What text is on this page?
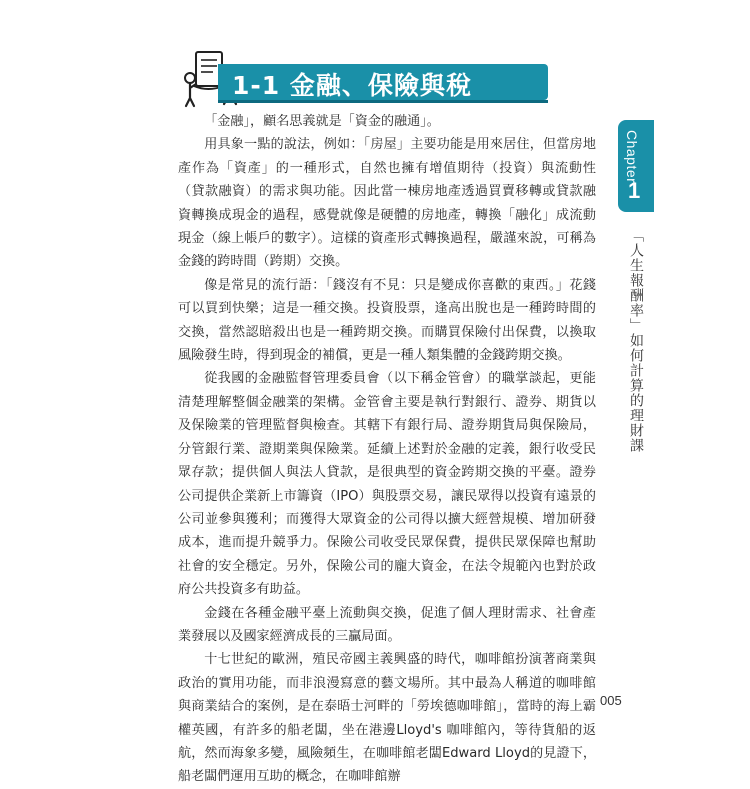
1-1 金融、保險與稅
Chapter
1
「人生報酬率」如何計算的理財課

「金融」，顧名思義就是「資金的融通」。

用具象一點的說法，例如：「房屋」主要功能是用來居住，但當房地產作為「資產」的一種形式，自然也擁有增值期待（投資）與流動性（貸款融資）的需求與功能。因此當一棟房地產透過買賣移轉或貸款融資轉換成現金的過程，感覺就像是硬體的房地產，轉換「融化」成流動現金（線上帳戶的數字）。這樣的資產形式轉換過程，嚴謹來說，可稱為金錢的跨時間（跨期）交換。

像是常見的流行語：「錢沒有不見：只是變成你喜歡的東西。」花錢可以買到快樂；這是一種交換。投資股票，逢高出脫也是一種跨時間的交換，當然認賠殺出也是一種跨期交換。而購買保險付出保費，以換取風險發生時，得到現金的補償，更是一種人類集體的金錢跨期交換。

從我國的金融監督管理委員會（以下稱金管會）的職掌談起，更能清楚理解整個金融業的架構。金管會主要是執行對銀行、證券、期貨以及保險業的管理監督與檢查。其轄下有銀行局、證券期貨局與保險局，分管銀行業、證期業與保險業。延續上述對於金融的定義，銀行收受民眾存款；提供個人與法人貸款，是很典型的資金跨期交換的平臺。證券公司提供企業新上市籌資（IPO）與股票交易，讓民眾得以投資有遠景的公司並參與獲利；而獲得大眾資金的公司得以擴大經營規模、增加研發成本，進而提升競爭力。保險公司收受民眾保費，提供民眾保障也幫助社會的安全穩定。另外，保險公司的龐大資金，在法令規範內也對於政府公共投資多有助益。

金錢在各種金融平臺上流動與交換，促進了個人理財需求、社會產業發展以及國家經濟成長的三贏局面。

十七世紀的歐洲，殖民帝國主義興盛的時代，咖啡館扮演著商業與政治的實用功能，而非浪漫寫意的藝文場所。其中最為人稱道的咖啡館與商業結合的案例，是在泰晤士河畔的「勞埃德咖啡館」，當時的海上霸權英國，有許多的船老闆，坐在港邊Lloyd's 咖啡館內，等待貨船的返航，然而海象多變，風險頻生，在咖啡館老闆Edward Lloyd的見證下，船老闆們運用互助的概念，在咖啡館辦

005
